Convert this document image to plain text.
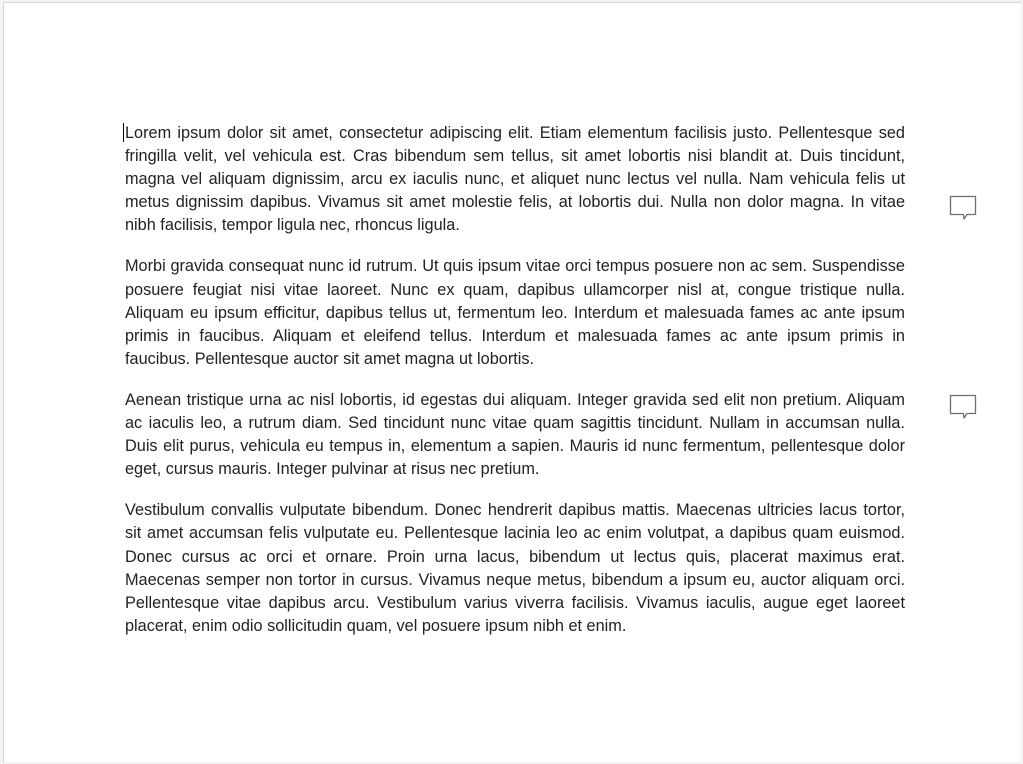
Lorem ipsum dolor sit amet, consectetur adipiscing elit. Etiam elementum facilisis justo. Pellentesque sed fringilla velit, vel vehicula est. Cras bibendum sem tellus, sit amet lobortis nisi blandit at. Duis tincidunt, magna vel aliquam dignissim, arcu ex iaculis nunc, et aliquet nunc lectus vel nulla. Nam vehicula felis ut metus dignissim dapibus. Vivamus sit amet molestie felis, at lobortis dui. Nulla non dolor magna. In vitae nibh facilisis, tempor ligula nec, rhoncus ligula.

Morbi gravida consequat nunc id rutrum. Ut quis ipsum vitae orci tempus posuere non ac sem. Suspendisse posuere feugiat nisi vitae laoreet. Nunc ex quam, dapibus ullamcorper nisl at, congue tristique nulla. Aliquam eu ipsum efficitur, dapibus tellus ut, fermentum leo. Interdum et malesuada fames ac ante ipsum primis in faucibus. Aliquam et eleifend tellus. Interdum et malesuada fames ac ante ipsum primis in faucibus. Pellentesque auctor sit amet magna ut lobortis.

Aenean tristique urna ac nisl lobortis, id egestas dui aliquam. Integer gravida sed elit non pretium. Aliquam ac iaculis leo, a rutrum diam. Sed tincidunt nunc vitae quam sagittis tincidunt. Nullam in accumsan nulla. Duis elit purus, vehicula eu tempus in, elementum a sapien. Mauris id nunc fermentum, pellentesque dolor eget, cursus mauris. Integer pulvinar at risus nec pretium.

Vestibulum convallis vulputate bibendum. Donec hendrerit dapibus mattis. Maecenas ultricies lacus tortor, sit amet accumsan felis vulputate eu. Pellentesque lacinia leo ac enim volutpat, a dapibus quam euismod. Donec cursus ac orci et ornare. Proin urna lacus, bibendum ut lectus quis, placerat maximus erat. Maecenas semper non tortor in cursus. Vivamus neque metus, bibendum a ipsum eu, auctor aliquam orci. Pellentesque vitae dapibus arcu. Vestibulum varius viverra facilisis. Vivamus iaculis, augue eget laoreet placerat, enim odio sollicitudin quam, vel posuere ipsum nibh et enim.
